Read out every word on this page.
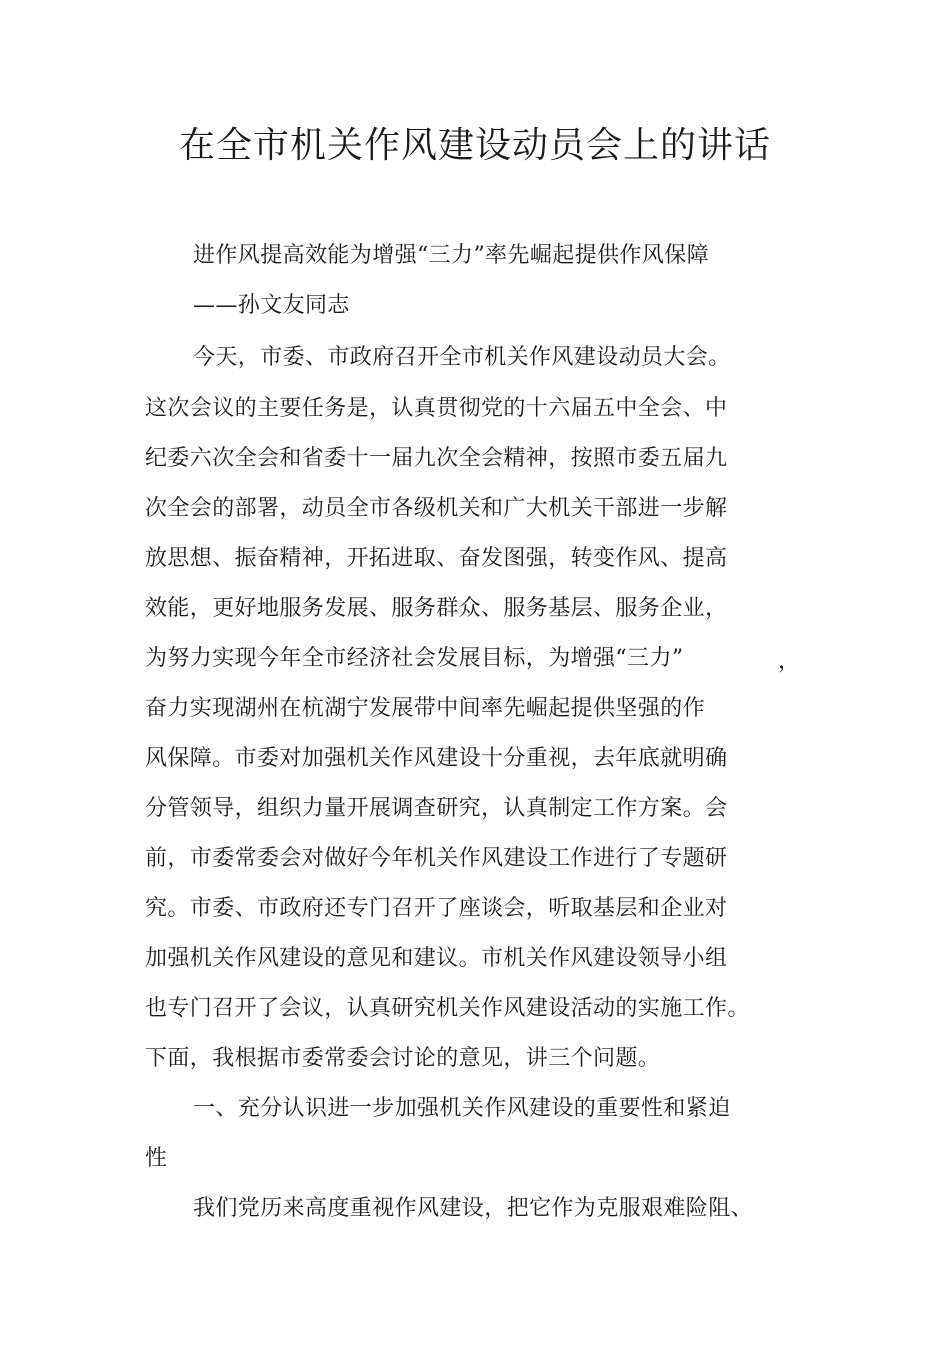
在全市机关作风建设动员会上的讲话
进作风提高效能为增强“三力”率先崛起提供作风保障
——孙文友同志
今天，市委、市政府召开全市机关作风建设动员大会。
这次会议的主要任务是，认真贯彻党的十六届五中全会、中
纪委六次全会和省委十一届九次全会精神，按照市委五届九
次全会的部署，动员全市各级机关和广大机关干部进一步解
放思想、振奋精神，开拓进取、奋发图强，转变作风、提高
效能，更好地服务发展、服务群众、服务基层、服务企业，
为努力实现今年全市经济社会发展目标，为增强“三力”	，
奋力实现湖州在杭湖宁发展带中间率先崛起提供坚强的作
风保障。市委对加强机关作风建设十分重视，去年底就明确
分管领导，组织力量开展调查研究，认真制定工作方案。会
前，市委常委会对做好今年机关作风建设工作进行了专题研
究。市委、市政府还专门召开了座谈会，听取基层和企业对
加强机关作风建设的意见和建议。市机关作风建设领导小组
也专门召开了会议，认真研究机关作风建设活动的实施工作。
下面，我根据市委常委会讨论的意见，讲三个问题。
一、充分认识进一步加强机关作风建设的重要性和紧迫
性
我们党历来高度重视作风建设，把它作为克服艰难险阻、
